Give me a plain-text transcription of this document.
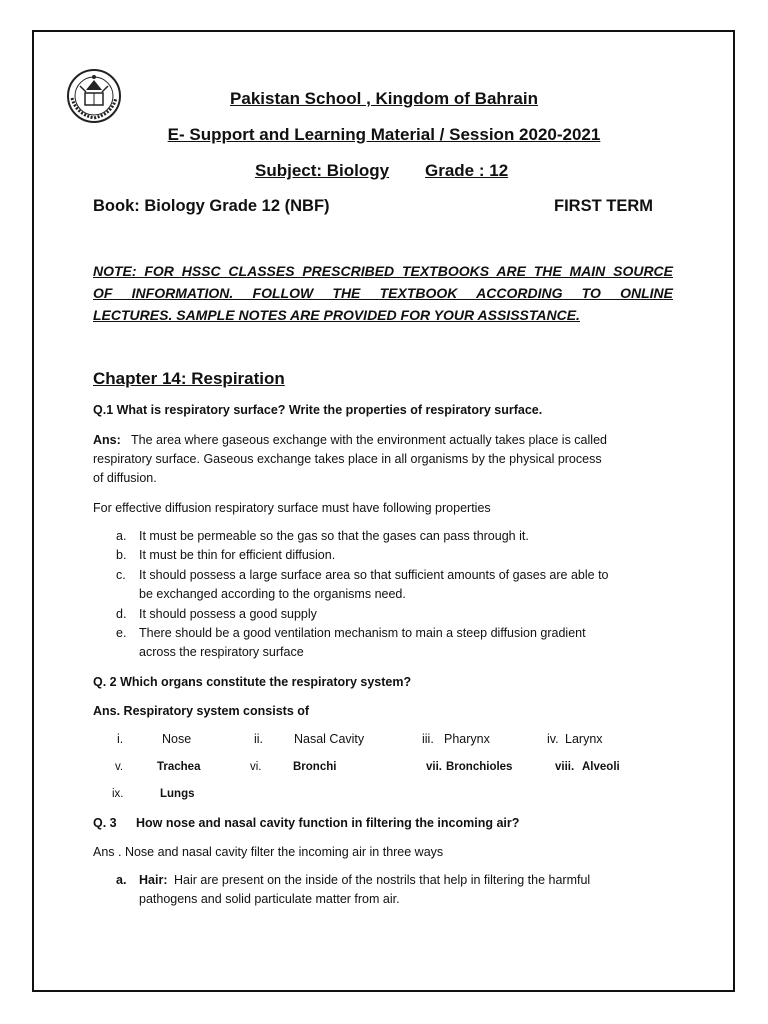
Pakistan School , Kingdom of Bahrain
E- Support and Learning Material / Session 2020-2021
Subject: Biology Grade : 12
Book: Biology Grade 12 (NBF)	FIRST TERM
NOTE: FOR HSSC CLASSES PRESCRIBED TEXTBOOKS ARE THE MAIN SOURCE
OF INFORMATION. FOLLOW THE TEXTBOOK ACCORDING TO ONLINE
LECTURES. SAMPLE NOTES ARE PROVIDED FOR YOUR ASSISSTANCE.
Chapter 14: Respiration
Q.1 What is respiratory surface? Write the properties of respiratory surface.
Ans: The area where gaseous exchange with the environment actually takes place is called
respiratory surface. Gaseous exchange takes place in all organisms by the physical process
of diffusion.
For effective diffusion respiratory surface must have following properties
a. It must be permeable so the gas so that the gases can pass through it.
b. It must be thin for efficient diffusion.
c. It should possess a large surface area so that sufficient amounts of gases are able to
be exchanged according to the organisms need.
d. It should possess a good supply
e. There should be a good ventilation mechanism to main a steep diffusion gradient
across the respiratory surface
Q. 2 Which organs constitute the respiratory system?
Ans. Respiratory system consists of
i.	Nose	ii. Nasal Cavity	iii. Pharynx	iv. Larynx
v.	Trachea	vi.	Bronchi	vii. Bronchioles	viii. Alveoli
ix.	Lungs
Q. 3 How nose and nasal cavity function in filtering the incoming air?
Ans . Nose and nasal cavity filter the incoming air in three ways
a. Hair: Hair are present on the inside of the nostrils that help in filtering the harmful
pathogens and solid particulate matter from air.
